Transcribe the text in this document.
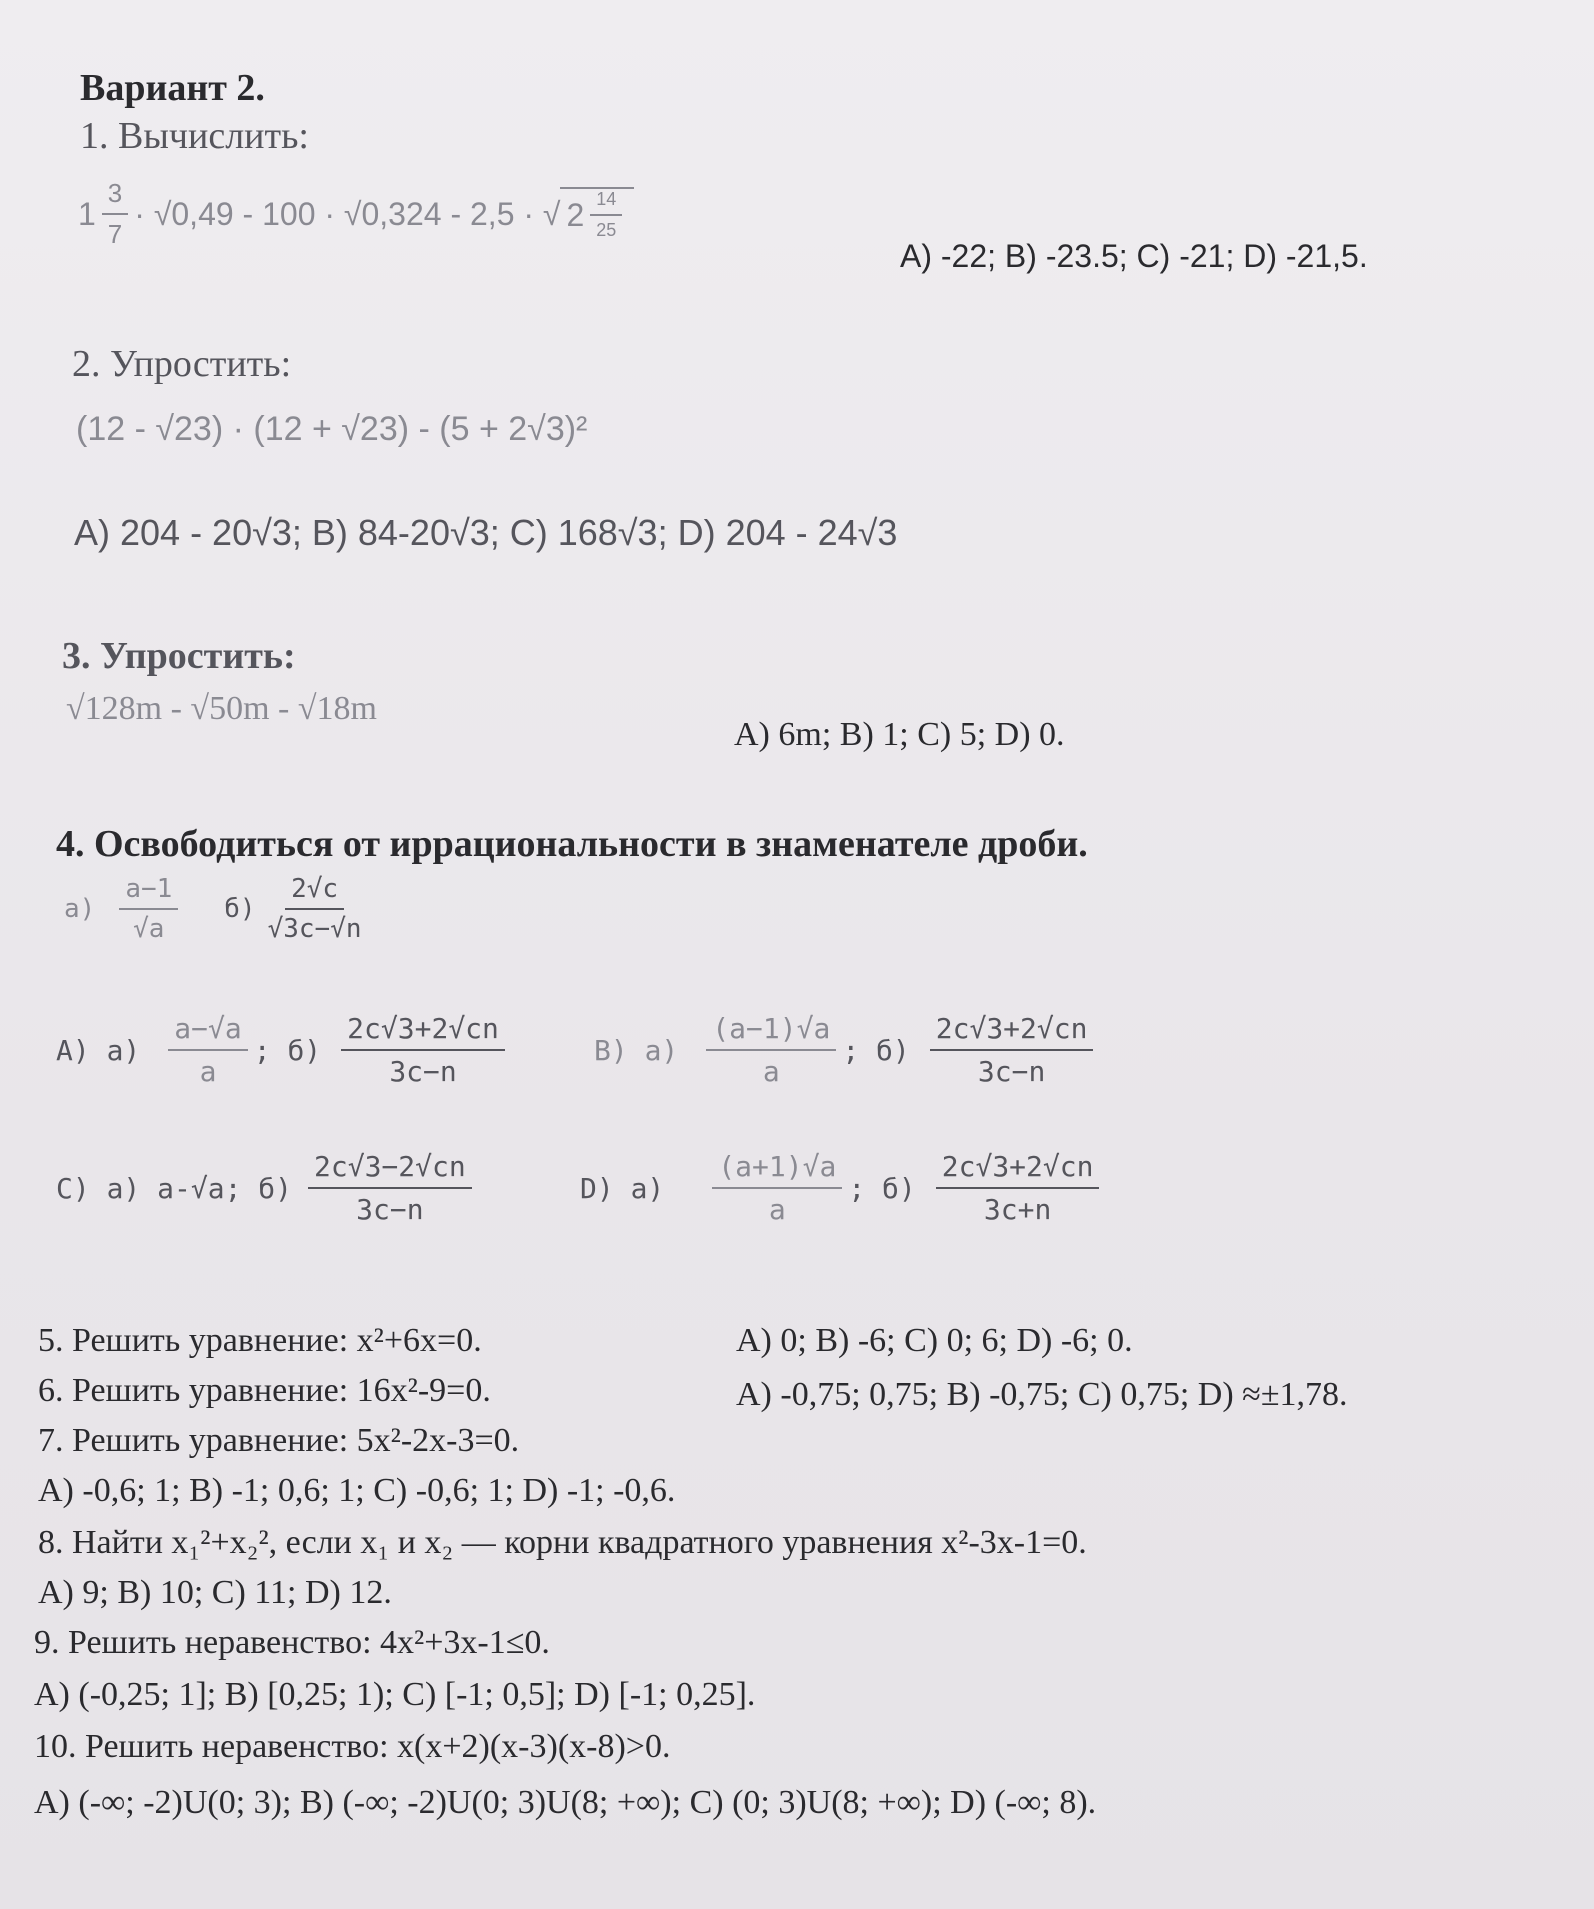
Вариант 2.
1. Вычислить:
$1 \frac{3}{7} \cdot √0,49 - 100 \cdot √0,324 - 2,5$ · √ $2 \frac{14}{25}$
A) -22; B) -23.5; C) -21; D) -21,5.
2. Упростить:
(12 - √23) · (12 + √23) - (5 + 2√3)²
A) 204 - 20√3; B) 84-20√3; C) 168√3; D) 204 - 24√3
3. Упростить:
√128m - √50m - √18m
A) 6m; B) 1; C) 5; D) 0.
4. Освободиться от иррациональности в знаменателе дроби.
$а) \frac{a-1}{√a} б) \frac{2√c}{√3c-√n}$
A) $а) \frac{a-√a}{a}$ ; $б) \frac{2c√3+2√cn}{3c-n}$	B) $а) \frac{(a-1)√a}{a}$ ; $б) \frac{2c√3+2√cn}{3c-n}$
C) а) a-√a; $б) \frac{2c√3-2√cn}{3c-n}$	D) $а) \frac{(a+1)√a}{a}$ ; $б) \frac{2c√3+2√cn}{3c+n}$
5. Решить уравнение: x²+6x=0.	A) 0; B) -6; C) 0; 6; D) -6; 0.
6. Решить уравнение: 16x²-9=0.	A) -0,75; 0,75; B) -0,75; C) 0,75; D) ≈±1,78.
7. Решить уравнение: 5x²-2x-3=0.
A) -0,6; 1; B) -1; 0,6; 1; C) -0,6; 1; D) -1; -0,6.
8. Найти x₁²+x₂², если x₁ и x₂ — корни квадратного уравнения x²-3x-1=0.
A) 9; B) 10; C) 11; D) 12.
9. Решить неравенство: 4x²+3x-1≤0.
A) (-0,25; 1]; B) [0,25; 1); C) [-1; 0,5]; D) [-1; 0,25].
10. Решить неравенство: x(x+2)(x-3)(x-8)>0.
A) (-∞; -2)U(0; 3); B) (-∞; -2)U(0; 3)U(8; +∞); C) (0; 3)U(8; +∞); D) (-∞; 8).
